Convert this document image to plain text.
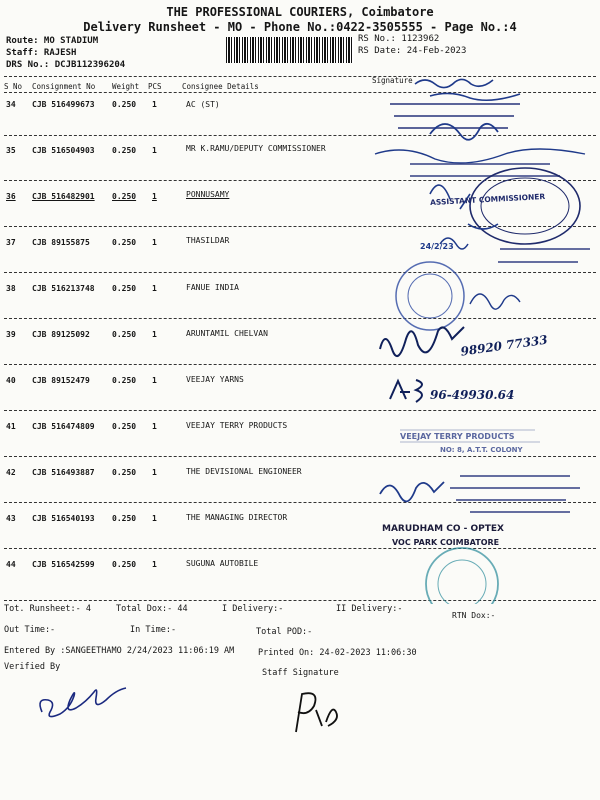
THE PROFESSIONAL COURIERS, Coimbatore
Delivery Runsheet - MO - Phone No.:0422-3505555 - Page No.:4
Route: MO STADIUM
Staff: RAJESH
DRS No.: DCJB112396204
RS No.: 1123962
RS Date: 24-Feb-2023
S No Consignment No Weight PCS	Consignee Details
Signature
34 CJB 516499673 0.250 1	AC (ST)
35 CJB 516504903 0.250 1	MR K.RAMU/DEPUTY COMMISSIONER
36 CJB 516482901 0.250 1	PONNUSAMY
37 CJB 89155875	0.250 1	THASILDAR
38 CJB 516213748 0.250 1	FANUE INDIA
39 CJB 89125092	0.250 1	ARUNTAMIL CHELVAN
40 CJB 89152479	0.250 1	VEEJAY YARNS
41 CJB 516474809 0.250 1	VEEJAY TERRY PRODUCTS
42 CJB 516493887 0.250 1	THE DEVISIONAL ENGIONEER
43 CJB 516540193 0.250 1	THE MANAGING DIRECTOR
44 CJB 516542599 0.250 1	SUGUNA AUTOBILE
ASSISTANT COMMISSIONER
24/2/23
98920 77333
96-49930.64
VEEJAY TERRY PRODUCTS
NO: 8, A.T.T. COLONY
MARUDHAM CO - OPTEX
VOC PARK COIMBATORE
RTN Dox:-
Tot. Runsheet:- 4	Total Dox:- 44	I Delivery:-	II Delivery:-
Out Time:-	In Time:-	Total POD:-
Entered By :SANGEETHAMO 2/24/2023 11:06:19 AM	Printed On: 24-02-2023 11:06:30
Verified By
Staff Signature
